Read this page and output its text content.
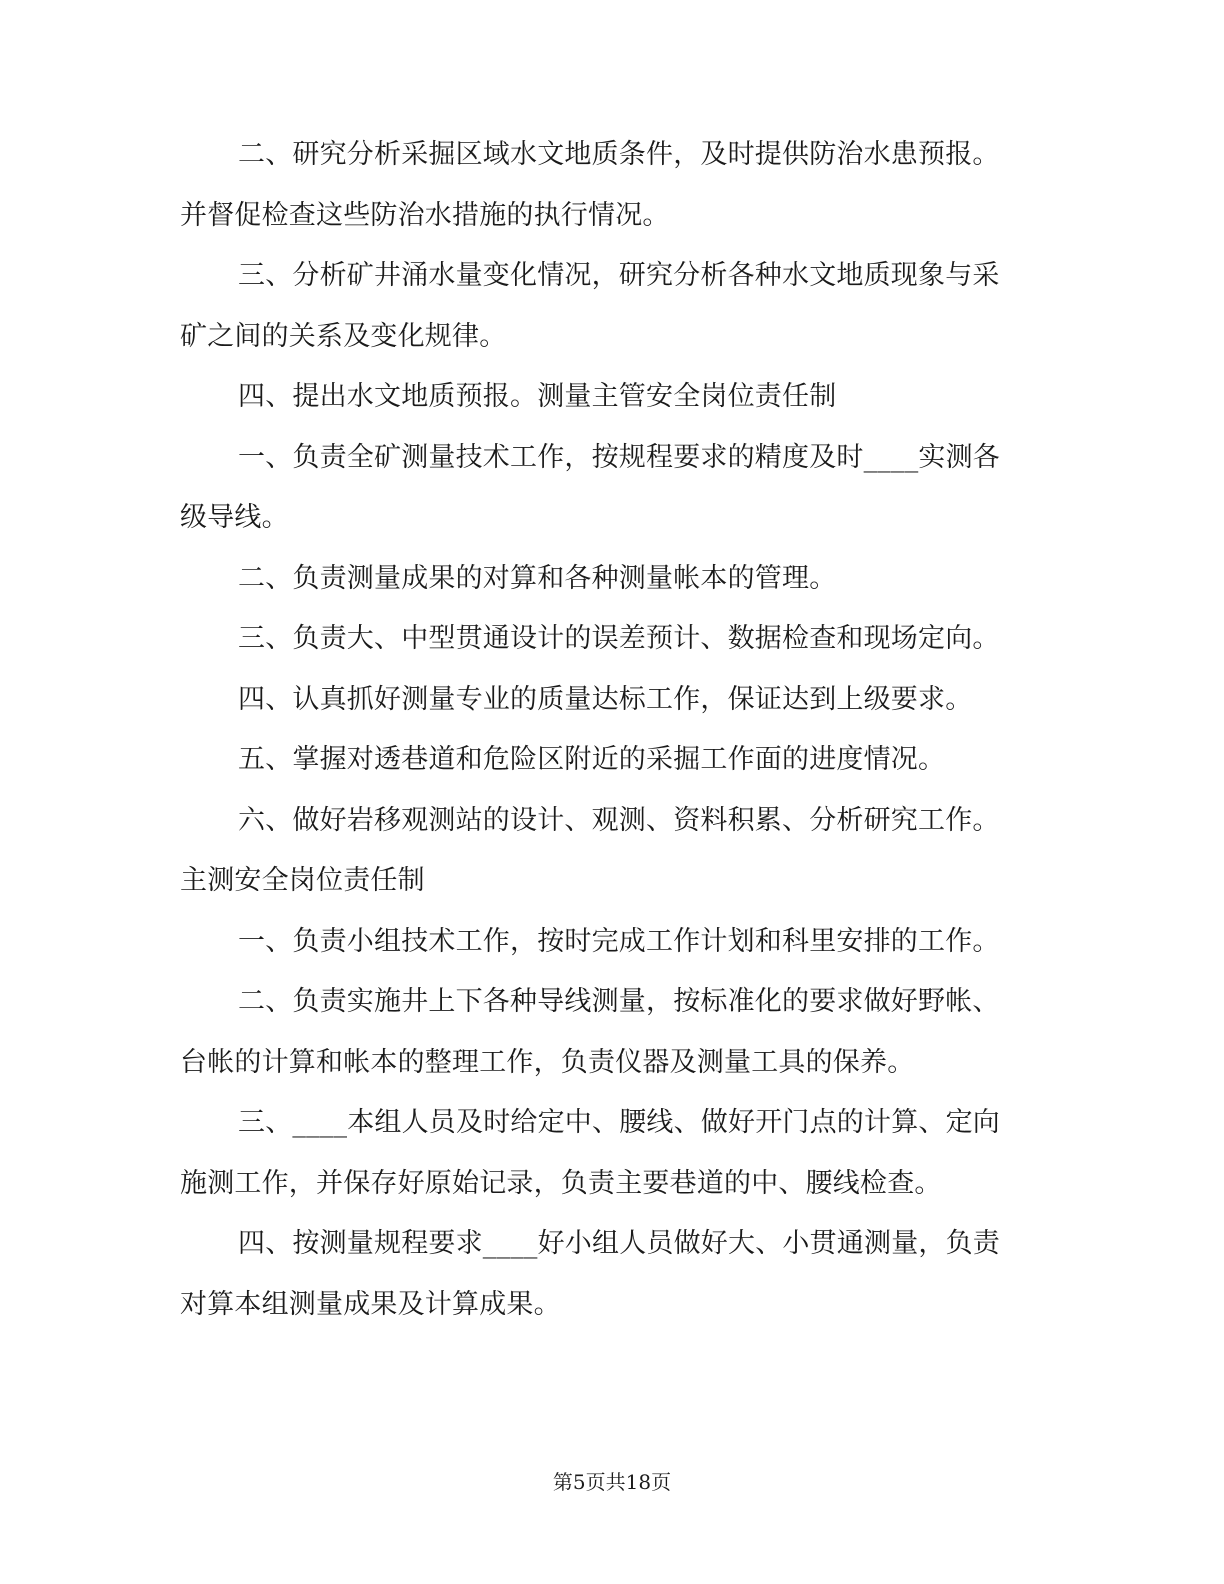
二、研究分析采掘区域水文地质条件，及时提供防治水患预报。
并督促检查这些防治水措施的执行情况。
三、分析矿井涌水量变化情况，研究分析各种水文地质现象与采
矿之间的关系及变化规律。
四、提出水文地质预报。测量主管安全岗位责任制
一、负责全矿测量技术工作，按规程要求的精度及时____实测各
级导线。
二、负责测量成果的对算和各种测量帐本的管理。
三、负责大、中型贯通设计的误差预计、数据检查和现场定向。
四、认真抓好测量专业的质量达标工作，保证达到上级要求。
五、掌握对透巷道和危险区附近的采掘工作面的进度情况。
六、做好岩移观测站的设计、观测、资料积累、分析研究工作。
主测安全岗位责任制
一、负责小组技术工作，按时完成工作计划和科里安排的工作。
二、负责实施井上下各种导线测量，按标准化的要求做好野帐、
台帐的计算和帐本的整理工作，负责仪器及测量工具的保养。
三、____本组人员及时给定中、腰线、做好开门点的计算、定向
施测工作，并保存好原始记录，负责主要巷道的中、腰线检查。
四、按测量规程要求____好小组人员做好大、小贯通测量，负责
对算本组测量成果及计算成果。
第5页共18页
